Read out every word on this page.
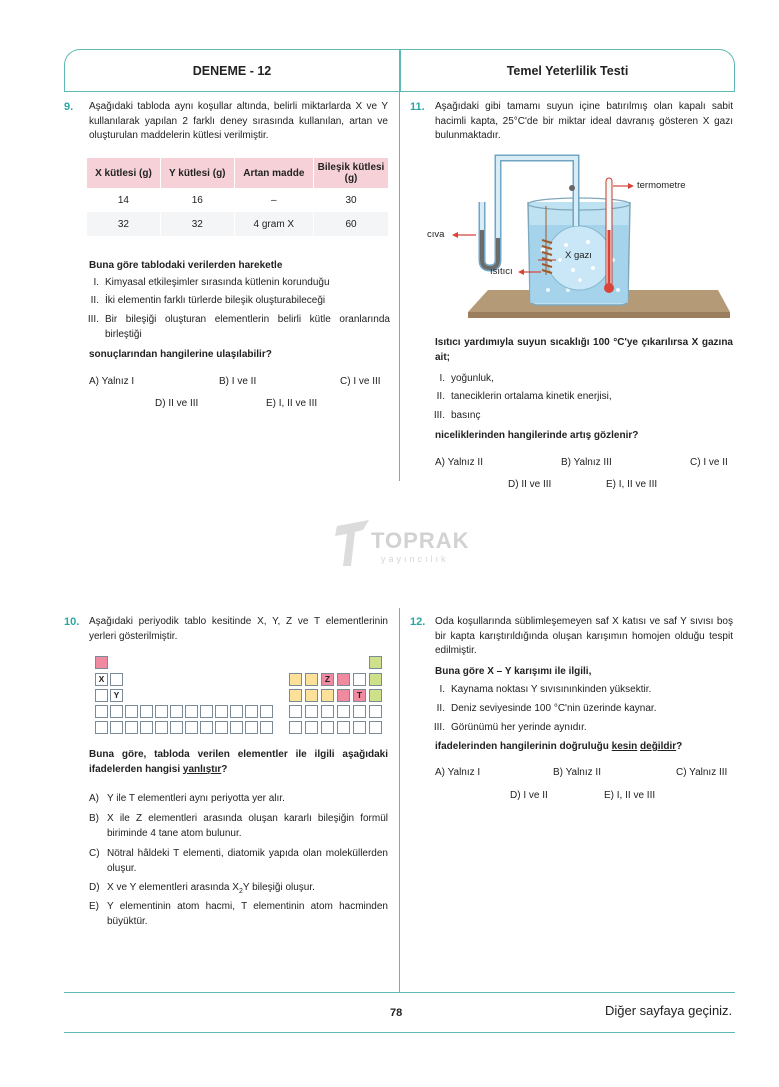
DENEME - 12	Temel Yeterlilik Testi
9. Aşağıdaki tabloda aynı koşullar altında, belirli miktarlarda X ve Y kullanılarak yapılan 2 farklı deney sırasında kullanılan, artan ve oluşturulan maddelerin kütlesi verilmiştir.
X kütlesi (g)	Y kütlesi (g)	Artan madde	Bileşik kütlesi (g)
14	16	–	30
32	32	4 gram X	60
Buna göre tablodaki verilerden hareketle
I. Kimyasal etkileşimler sırasında kütlenin korunduğu
II. İki elementin farklı türlerde bileşik oluşturabileceği
III. Bir bileşiği oluşturan elementlerin belirli kütle oranlarında birleştiği
sonuçlarından hangilerine ulaşılabilir?
A) Yalnız I	B) I ve II	C) I ve III
D) II ve III	E) I, II ve III
11. Aşağıdaki gibi tamamı suyun içine batırılmış olan kapalı sabit hacimli kapta, 25°C'de bir miktar ideal davranış gösteren X gazı bulunmaktadır.
termometre
cıva
X gazı
ısıtıcı
Isıtıcı yardımıyla suyun sıcaklığı 100 °C'ye çıkarılırsa X gazına ait;
I. yoğunluk,
II. taneciklerin ortalama kinetik enerjisi,
III. basınç
niceliklerinden hangilerinde artış gözlenir?
A) Yalnız II	B) Yalnız III	C) I ve II
D) II ve III	E) I, II ve III
TOPRAK
yayıncılık
10. Aşağıdaki periyodik tablo kesitinde X, Y, Z ve T elementlerinin yerleri gösterilmiştir.
X	Z
Y	T
Buna göre, tabloda verilen elementler ile ilgili aşağıdaki ifadelerden hangisi yanlıştır?
A) Y ile T elementleri aynı periyotta yer alır.
B) X ile Z elementleri arasında oluşan kararlı bileşiğin formül biriminde 4 tane atom bulunur.
C) Nötral hâldeki T elementi, diatomik yapıda olan moleküllerden oluşur.
D) X ve Y elementleri arasında $X_2Y$ bileşiği oluşur.
E) Y elementinin atom hacmi, T elementinin atom hacminden büyüktür.
12. Oda koşullarında süblimleşemeyen saf X katısı ve saf Y sıvısı boş bir kapta karıştırıldığında oluşan karışımın homojen olduğu tespit edilmiştir.
Buna göre X – Y karışımı ile ilgili,
I. Kaynama noktası Y sıvısınınkinden yüksektir.
II. Deniz seviyesinde 100 °C'nin üzerinde kaynar.
III. Görünümü her yerinde aynıdır.
ifadelerinden hangilerinin doğruluğu kesin değildir?
A) Yalnız I	B) Yalnız II	C) Yalnız III
D) I ve II	E) I, II ve III
78	Diğer sayfaya geçiniz.
